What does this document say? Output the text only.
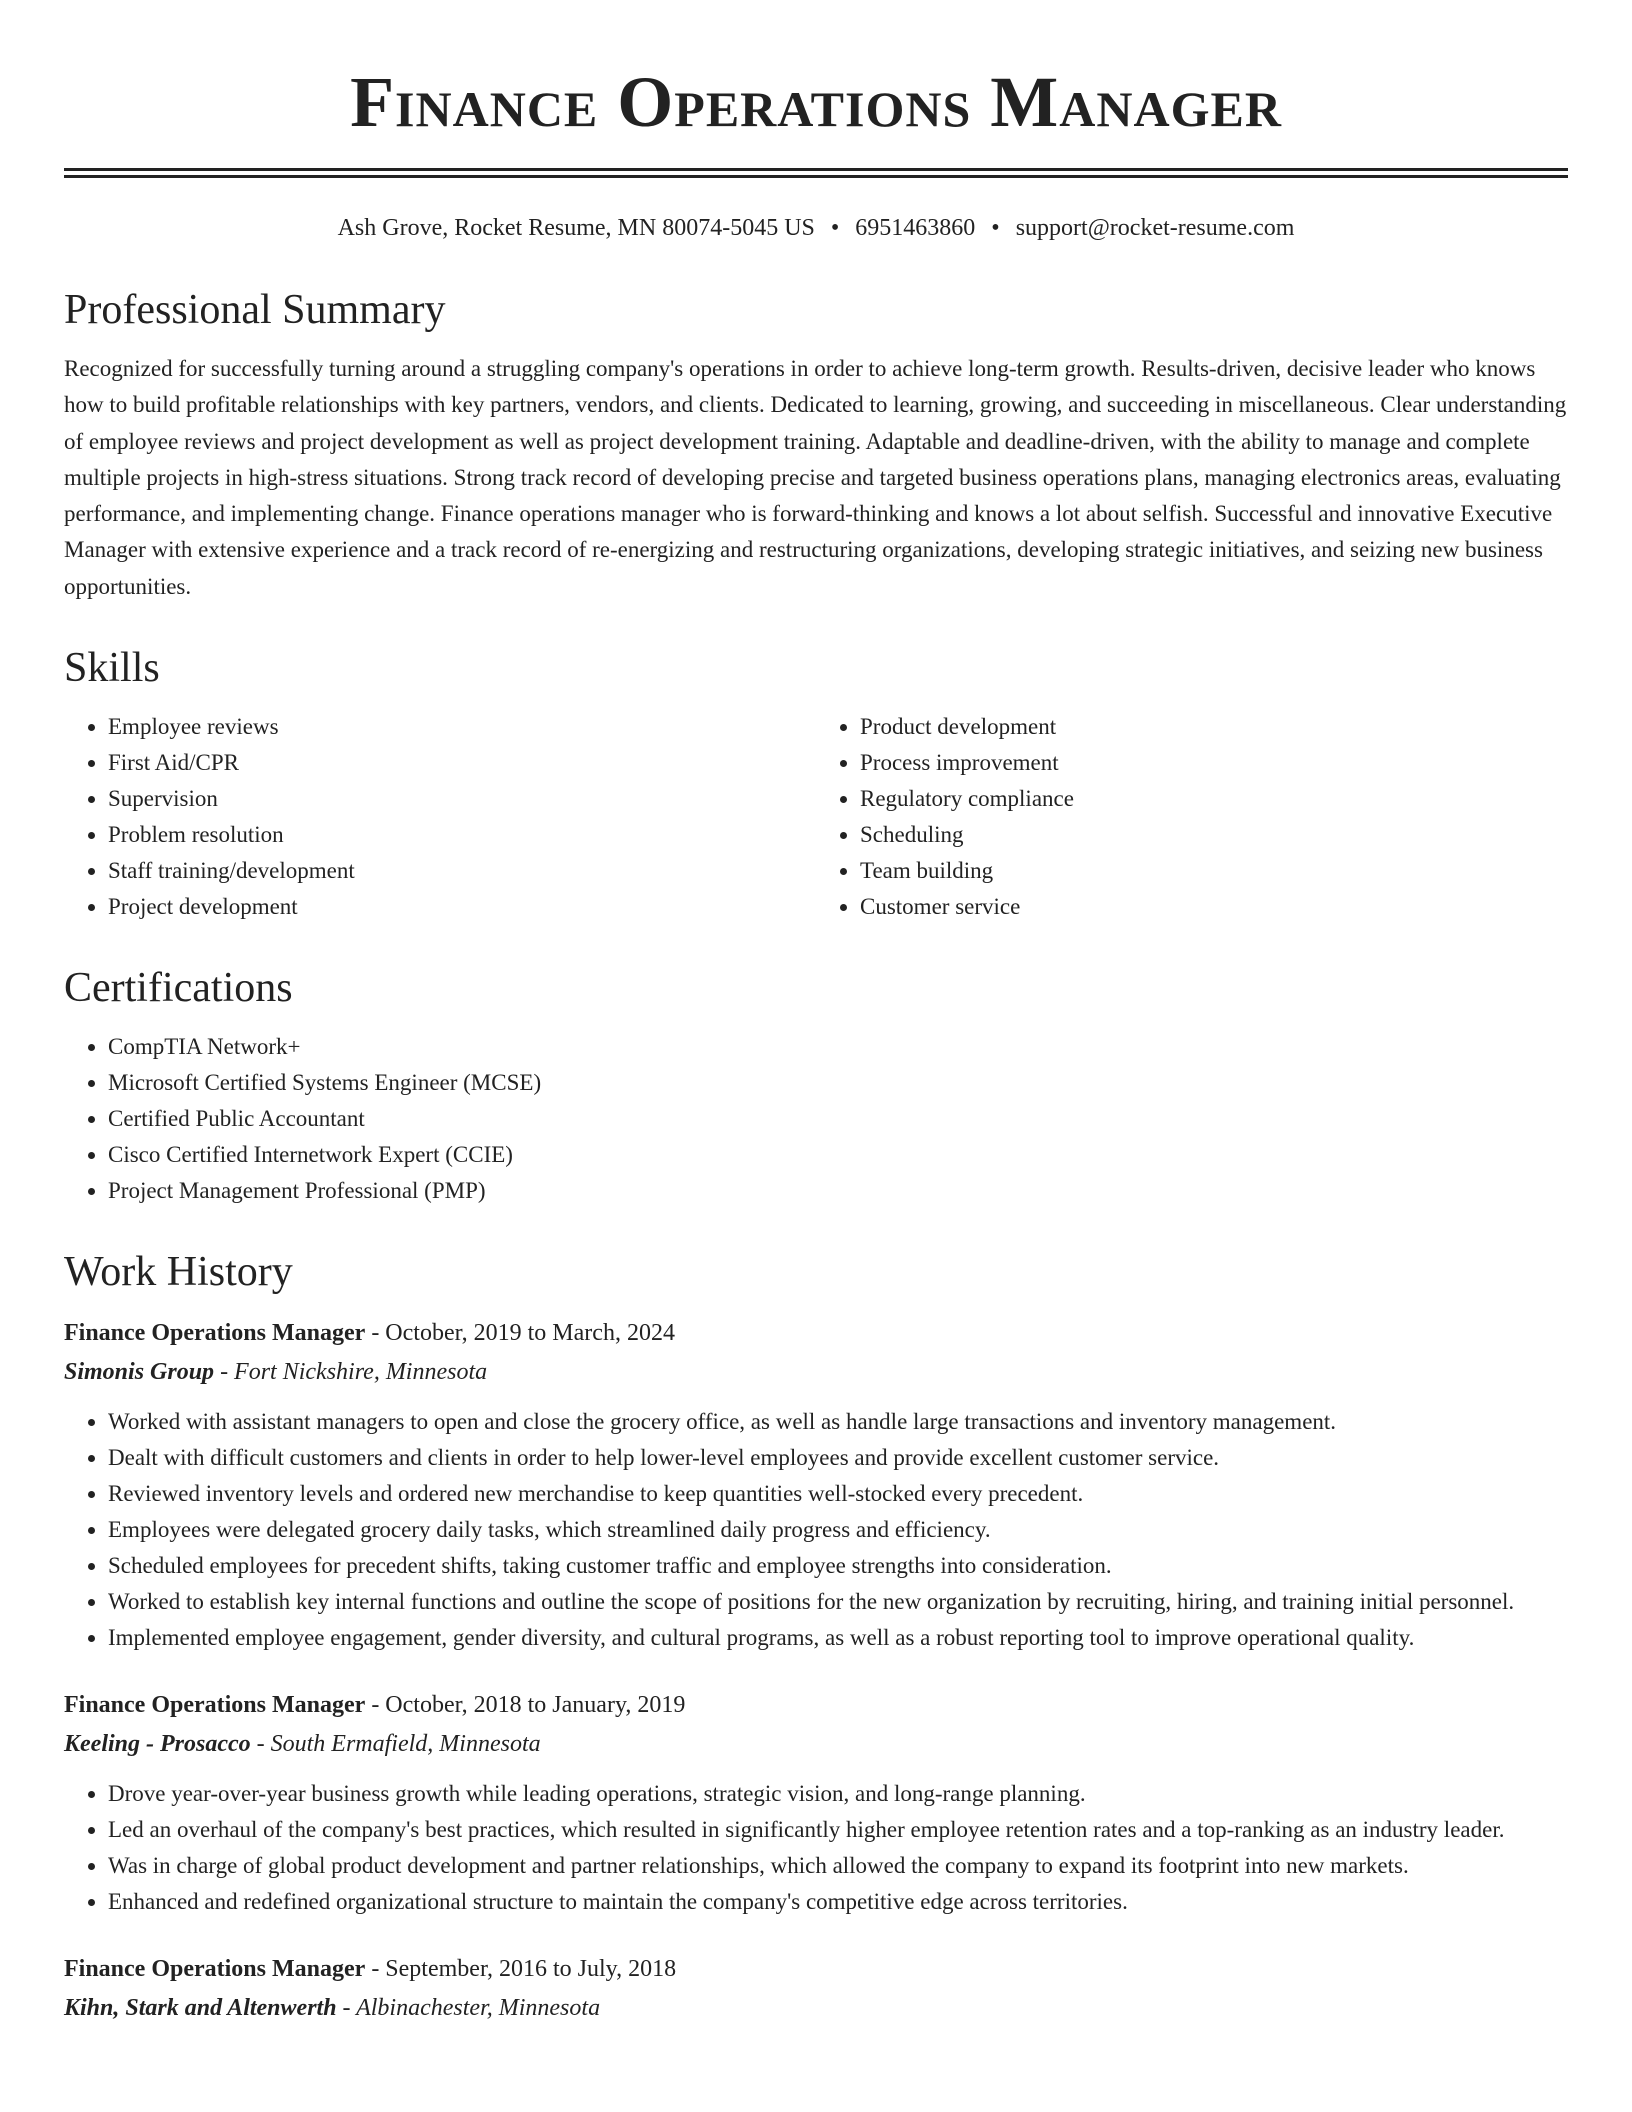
Finance Operations Manager
Ash Grove, Rocket Resume, MN 80074-5045 US • 6951463860 • support@rocket-resume.com
Professional Summary

Recognized for successfully turning around a struggling company's operations in order to achieve long-term growth. Results-driven, decisive leader who knows how to build profitable relationships with key partners, vendors, and clients. Dedicated to learning, growing, and succeeding in miscellaneous. Clear understanding of employee reviews and project development as well as project development training. Adaptable and deadline-driven, with the ability to manage and complete multiple projects in high-stress situations. Strong track record of developing precise and targeted business operations plans, managing electronics areas, evaluating performance, and implementing change. Finance operations manager who is forward-thinking and knows a lot about selfish. Successful and innovative Executive Manager with extensive experience and a track record of re-energizing and restructuring organizations, developing strategic initiatives, and seizing new business opportunities.

Skills
• Employee reviews
• First Aid/CPR
• Supervision
• Problem resolution
• Staff training/development
• Project development
• Product development
• Process improvement
• Regulatory compliance
• Scheduling
• Team building
• Customer service
Certifications
• CompTIA Network+
• Microsoft Certified Systems Engineer (MCSE)
• Certified Public Accountant
• Cisco Certified Internetwork Expert (CCIE)
• Project Management Professional (PMP)
Work History
Finance Operations Manager - October, 2019 to March, 2024
Simonis Group - Fort Nickshire, Minnesota
• Worked with assistant managers to open and close the grocery office, as well as handle large transactions and inventory management.
• Dealt with difficult customers and clients in order to help lower-level employees and provide excellent customer service.
• Reviewed inventory levels and ordered new merchandise to keep quantities well-stocked every precedent.
• Employees were delegated grocery daily tasks, which streamlined daily progress and efficiency.
• Scheduled employees for precedent shifts, taking customer traffic and employee strengths into consideration.
• Worked to establish key internal functions and outline the scope of positions for the new organization by recruiting, hiring, and training initial personnel.
• Implemented employee engagement, gender diversity, and cultural programs, as well as a robust reporting tool to improve operational quality.
Finance Operations Manager - October, 2018 to January, 2019
Keeling - Prosacco - South Ermafield, Minnesota
• Drove year-over-year business growth while leading operations, strategic vision, and long-range planning.
• Led an overhaul of the company's best practices, which resulted in significantly higher employee retention rates and a top-ranking as an industry leader.
• Was in charge of global product development and partner relationships, which allowed the company to expand its footprint into new markets.
• Enhanced and redefined organizational structure to maintain the company's competitive edge across territories.
Finance Operations Manager - September, 2016 to July, 2018
Kihn, Stark and Altenwerth - Albinachester, Minnesota
